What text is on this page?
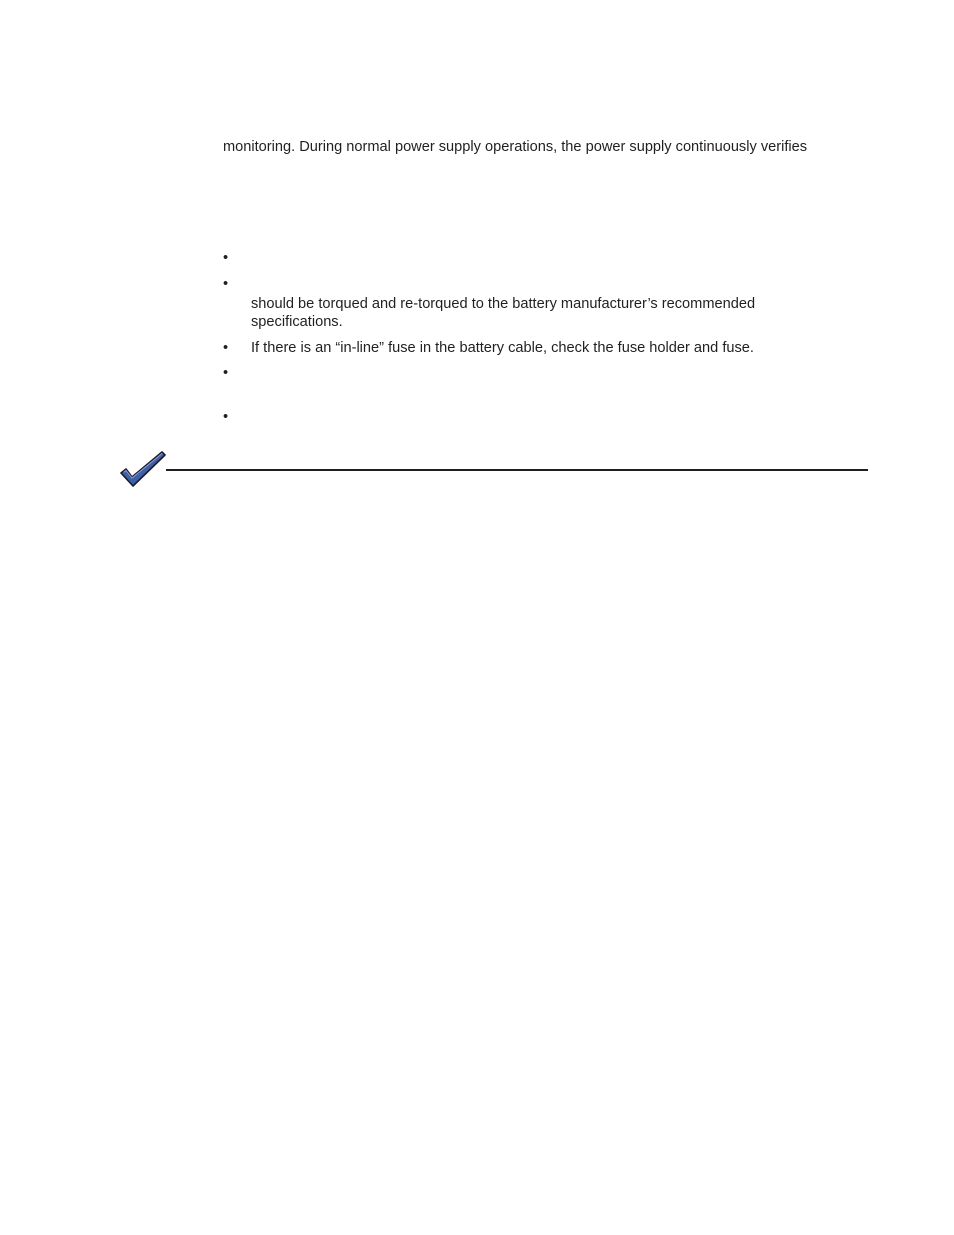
monitoring. During normal power supply operations, the power supply continuously verifies
•
•
should be torqued and re-torqued to the battery manufacturer’s recommended
specifications.
• If there is an “in-line” fuse in the battery cable, check the fuse holder and fuse.
•
•
